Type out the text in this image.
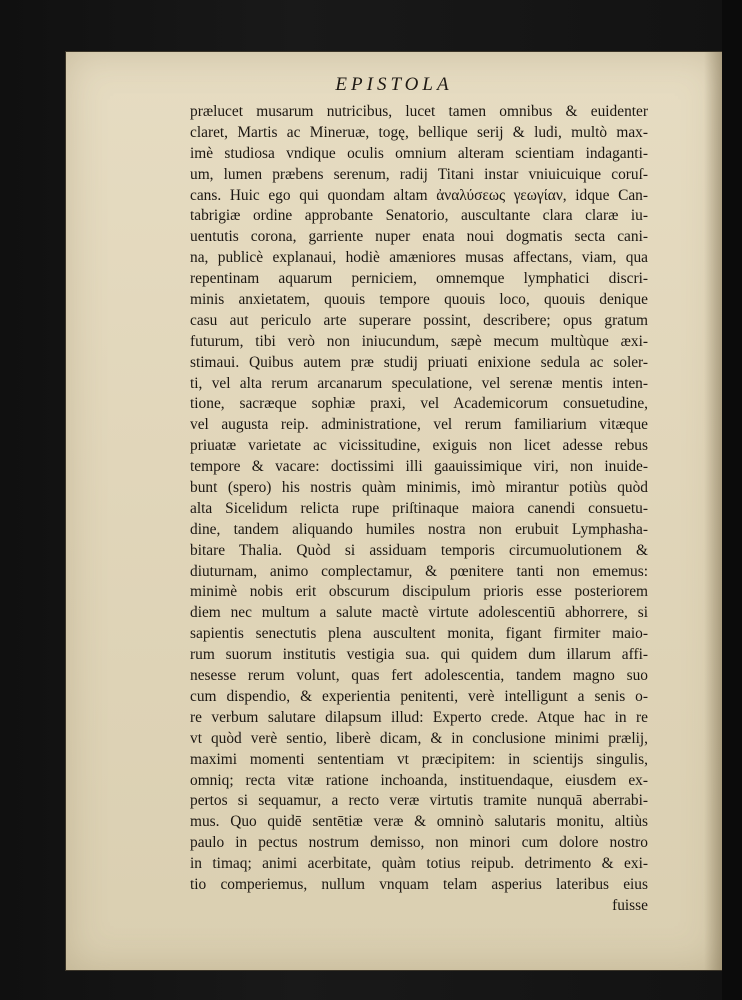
EPISTOLA
prælucet musarum nutricibus, lucet tamen omnibus & euidenter
claret, Martis ac Mineruæ, togę, bellique serij & ludi, multò max-
imè studiosa vndique oculis omnium alteram scientiam indaganti-
um, lumen præbens serenum, radij Titani instar vniuicuique coruſ-
cans. Huic ego qui quondam altam ἀναλύσεως γεωγίαν, idque Can-
tabrigiæ ordine approbante Senatorio, auscultante clara claræ iu-
uentutis corona, garriente nuper enata noui dogmatis secta cani-
na, publicè explanaui, hodiè amæniores musas affectans, viam, qua
repentinam aquarum perniciem, omnemque lymphatici discri-
minis anxietatem, quouis tempore quouis loco, quouis denique
casu aut periculo arte superare possint, describere; opus gratum
futurum, tibi verò non iniucundum, sæpè mecum multùque æxi-
stimaui. Quibus autem præ studij priuati enixione sedula ac soler-
ti, vel alta rerum arcanarum speculatione, vel serenæ mentis inten-
tione, sacræque sophiæ praxi, vel Academicorum consuetudine,
vel augusta reip. administratione, vel rerum familiarium vitæque
priuatæ varietate ac vicissitudine, exiguis non licet adesse rebus
tempore & vacare: doctissimi illi gaauissimique viri, non inuide-
bunt (spero) his nostris quàm minimis, imò mirantur potiùs quòd
alta Sicelidum relicta rupe priſtinaque maiora canendi consuetu-
dine, tandem aliquando humiles nostra non erubuit Lymphasha-
bitare Thalia. Quòd si assiduam temporis circumuolutionem &
diuturnam, animo complectamur, & pœnitere tanti non ememus:
minimè nobis erit obscurum discipulum prioris esse posteriorem
diem nec multum a salute mactè virtute adolescentiū abhorrere, si
sapientis senectutis plena auscultent monita, figant firmiter maio-
rum suorum institutis vestigia sua. qui quidem dum illarum affi-
nesesse rerum volunt, quas fert adolescentia, tandem magno suo
cum dispendio, & experientia penitenti, verè intelligunt a senis o-
re verbum salutare dilapsum illud: Experto crede. Atque hac in re
vt quòd verè sentio, liberè dicam, & in conclusione minimi prælij,
maximi momenti sententiam vt præcipitem: in scientijs singulis,
omniq; recta vitæ ratione inchoanda, instituendaque, eiusdem ex-
pertos si sequamur, a recto veræ virtutis tramite nunquā aberrabi-
mus. Quo quidē sentētiæ veræ & omninò salutaris monitu, altiùs
paulo in pectus nostrum demisso, non minori cum dolore nostro
in timaq; animi acerbitate, quàm totius reipub. detrimento & exi-
tio comperiemus, nullum vnquam telam asperius lateribus eius
fuisse
